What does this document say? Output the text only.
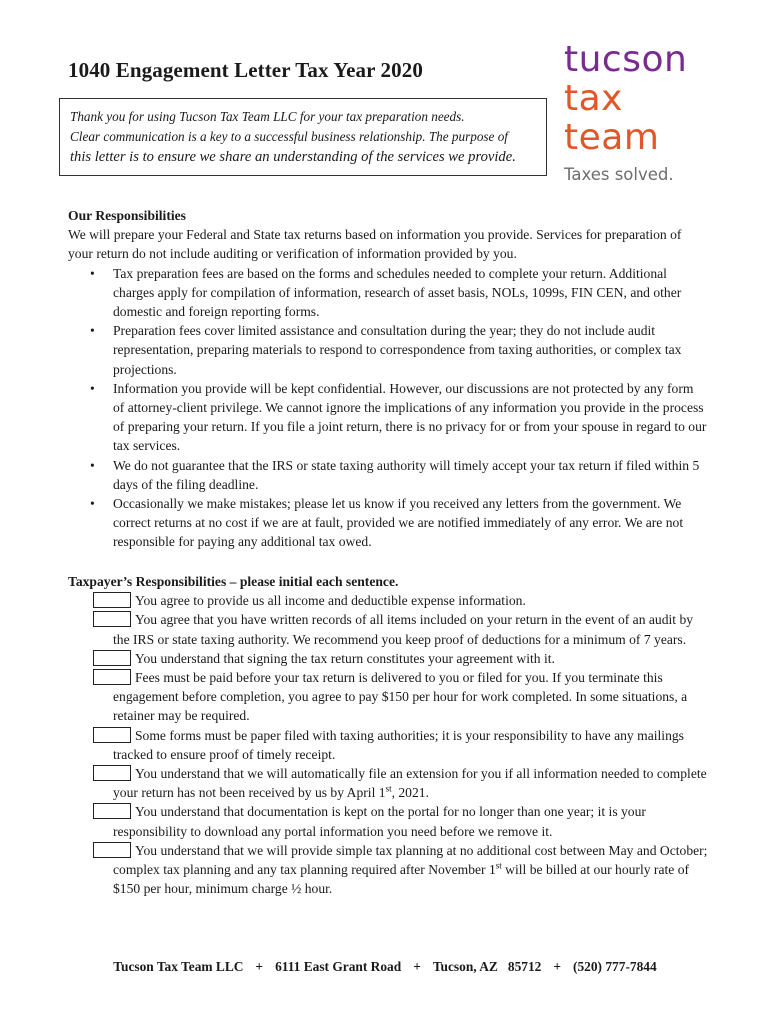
1040 Engagement Letter Tax Year 2020
Thank you for using Tucson Tax Team LLC for your tax preparation needs.
Clear communication is a key to a successful business relationship. The purpose of
this letter is to ensure we share an understanding of the services we provide.
tucson
tax
team
Taxes solved.

Our Responsibilities

We will prepare your Federal and State tax returns based on information you provide. Services for preparation of your return do not include auditing or verification of information provided by you.

• Tax preparation fees are based on the forms and schedules needed to complete your return. Additional charges apply for compilation of information, research of asset basis, NOLs, 1099s, FIN CEN, and other domestic and foreign reporting forms.
• Preparation fees cover limited assistance and consultation during the year; they do not include audit representation, preparing materials to respond to correspondence from taxing authorities, or complex tax projections.
• Information you provide will be kept confidential. However, our discussions are not protected by any form of attorney-client privilege. We cannot ignore the implications of any information you provide in the process of preparing your return. If you file a joint return, there is no privacy for or from your spouse in regard to our tax services.
• We do not guarantee that the IRS or state taxing authority will timely accept your tax return if filed within 5 days of the filing deadline.
• Occasionally we make mistakes; please let us know if you received any letters from the government. We correct returns at no cost if we are at fault, provided we are notified immediately of any error. We are not responsible for paying any additional tax owed.

Taxpayer’s Responsibilities – please initial each sentence.

You agree to provide us all income and deductible expense information.

You agree that you have written records of all items included on your return in the event of an audit by the IRS or state taxing authority. We recommend you keep proof of deductions for a minimum of 7 years.

You understand that signing the tax return constitutes your agreement with it.

Fees must be paid before your tax return is delivered to you or filed for you. If you terminate this engagement before completion, you agree to pay $150 per hour for work completed. In some situations, a retainer may be required.

Some forms must be paper filed with taxing authorities; it is your responsibility to have any mailings tracked to ensure proof of timely receipt.

You understand that we will automatically file an extension for you if all information needed to complete your return has not been received by us by April 1st, 2021.

You understand that documentation is kept on the portal for no longer than one year; it is your responsibility to download any portal information you need before we remove it.

You understand that we will provide simple tax planning at no additional cost between May and October; complex tax planning and any tax planning required after November 1st will be billed at our hourly rate of $150 per hour, minimum charge ½ hour.

Tucson Tax Team LLC + 6111 East Grant Road + Tucson, AZ   85712 + (520) 777-7844
